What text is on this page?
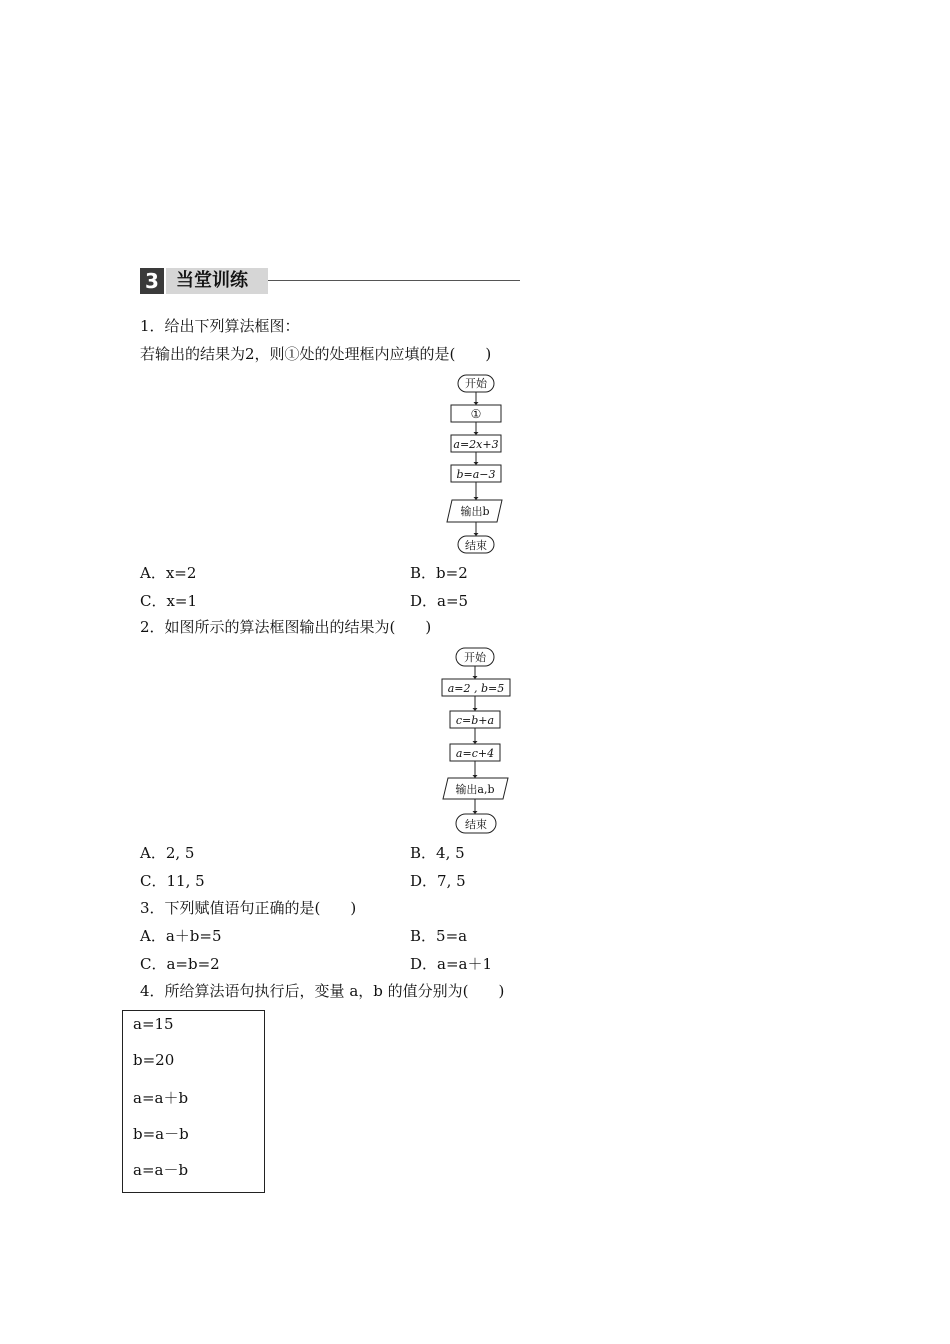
3 当堂训练
1．给出下列算法框图：
若输出的结果为2，则①处的处理框内应填的是(　　)
开始
①
a=2x+3
b=a−3
输出b
结束
A．x=2	B．b=2
C．x=1	D．a=5
2．如图所示的算法框图输出的结果为(　　)
开始
a=2 , b=5
c=b+a
a=c+4
输出a,b
结束
A．2, 5	B．4, 5
C．11, 5	D．7, 5
3．下列赋值语句正确的是(　　)
A．a＋b=5	B．5=a
C．a=b=2	D．a=a＋1
4．所给算法语句执行后，变量 a，b 的值分别为(　　)
a=15
b=20
a=a＋b
b=a－b
a=a－b
